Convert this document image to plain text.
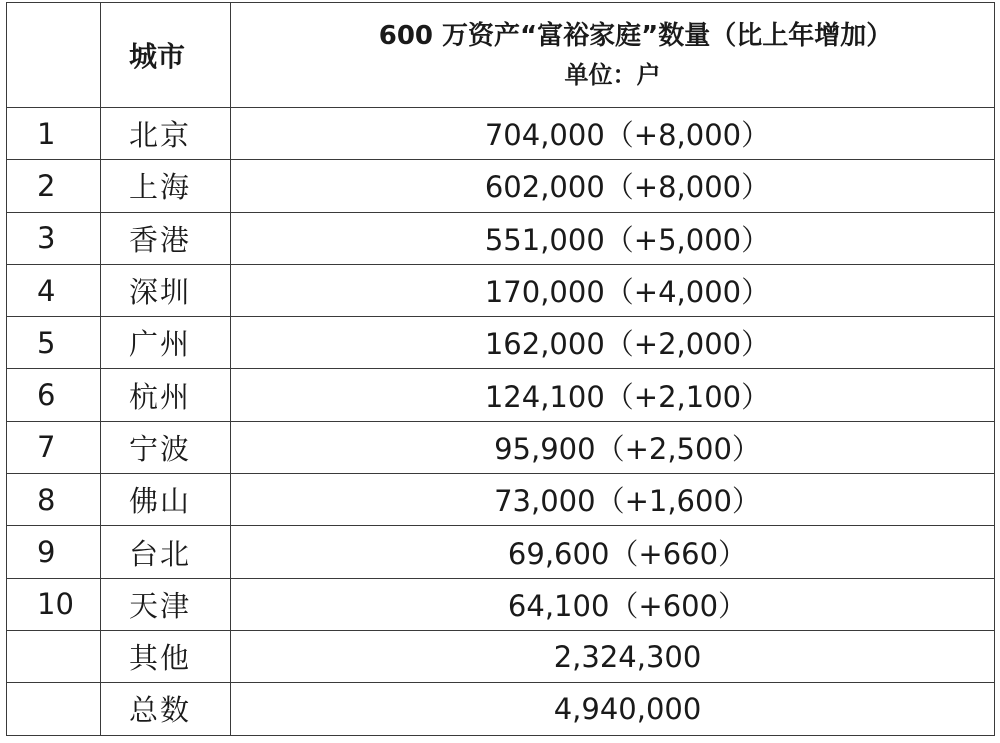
	城市	600 万资产“富裕家庭”数量（比上年增加）
单位：户

1	北京	704,000（+8,000）
2	上海	602,000（+8,000）
3	香港	551,000（+5,000）
4	深圳	170,000（+4,000）
5	广州	162,000（+2,000）
6	杭州	124,100（+2,100）
7	宁波	95,900（+2,500）
8	佛山	73,000（+1,600）
9	台北	69,600（+660）
10	天津	64,100（+600）
	其他	2,324,300
	总数	4,940,000
